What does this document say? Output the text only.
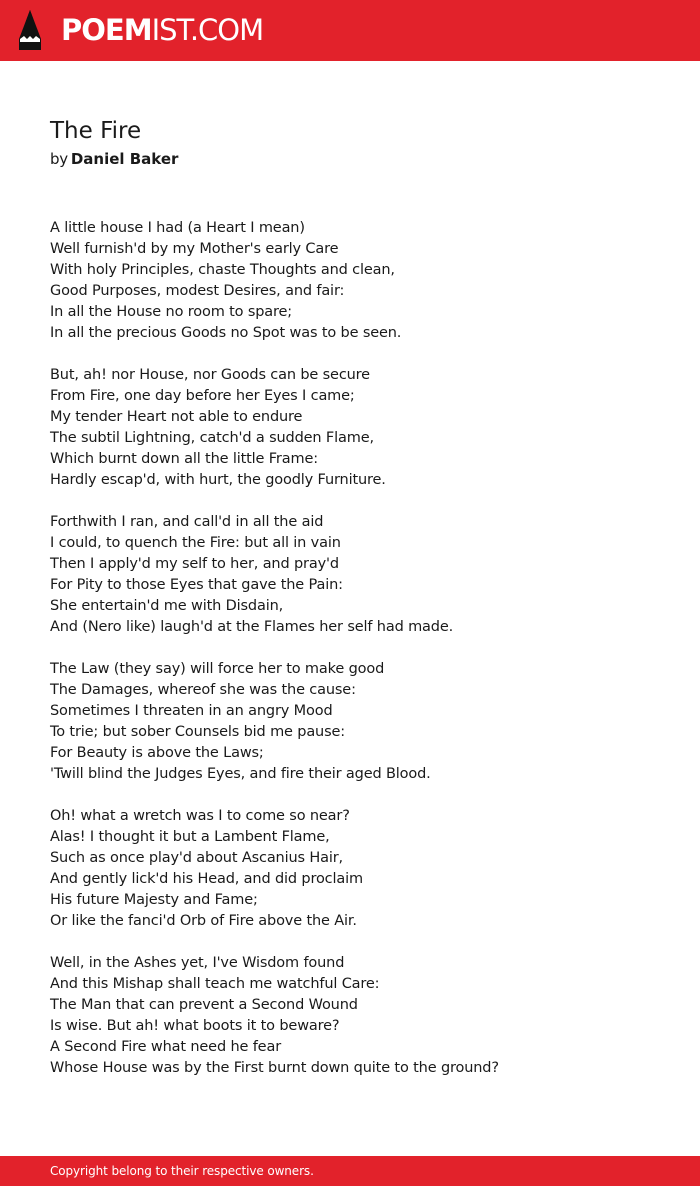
POEMIST.COM
The Fire
by Daniel Baker
A little house I had (a Heart I mean)
Well furnish'd by my Mother's early Care
With holy Principles, chaste Thoughts and clean,
Good Purposes, modest Desires, and fair:
In all the House no room to spare;
In all the precious Goods no Spot was to be seen.
But, ah! nor House, nor Goods can be secure
From Fire, one day before her Eyes I came;
My tender Heart not able to endure
The subtil Lightning, catch'd a sudden Flame,
Which burnt down all the little Frame:
Hardly escap'd, with hurt, the goodly Furniture.
Forthwith I ran, and call'd in all the aid
I could, to quench the Fire: but all in vain
Then I apply'd my self to her, and pray'd
For Pity to those Eyes that gave the Pain:
She entertain'd me with Disdain,
And (Nero like) laugh'd at the Flames her self had made.
The Law (they say) will force her to make good
The Damages, whereof she was the cause:
Sometimes I threaten in an angry Mood
To trie; but sober Counsels bid me pause:
For Beauty is above the Laws;
'Twill blind the Judges Eyes, and fire their aged Blood.
Oh! what a wretch was I to come so near?
Alas! I thought it but a Lambent Flame,
Such as once play'd about Ascanius Hair,
And gently lick'd his Head, and did proclaim
His future Majesty and Fame;
Or like the fanci'd Orb of Fire above the Air.
Well, in the Ashes yet, I've Wisdom found
And this Mishap shall teach me watchful Care:
The Man that can prevent a Second Wound
Is wise. But ah! what boots it to beware?
A Second Fire what need he fear
Whose House was by the First burnt down quite to the ground?
Copyright belong to their respective owners.
